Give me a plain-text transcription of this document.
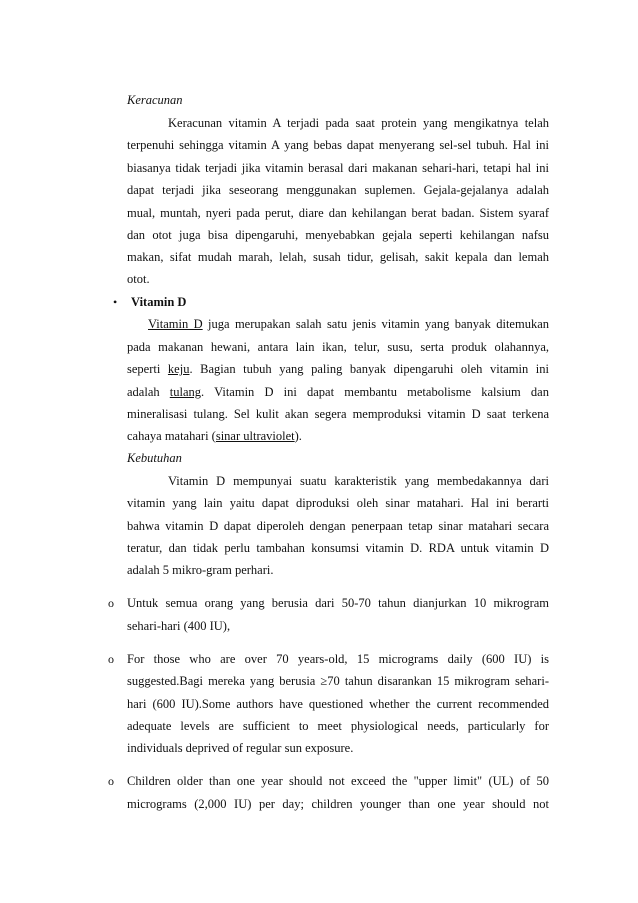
Keracunan
Keracunan vitamin A terjadi pada saat protein yang mengikatnya telah
terpenuhi sehingga vitamin A yang bebas dapat menyerang sel-sel tubuh. Hal ini
biasanya tidak terjadi jika vitamin berasal dari makanan sehari-hari, tetapi hal ini
dapat terjadi jika seseorang menggunakan suplemen. Gejala-gejalanya adalah
mual, muntah, nyeri pada perut, diare dan kehilangan berat badan. Sistem syaraf
dan otot juga bisa dipengaruhi, menyebabkan gejala seperti kehilangan nafsu
makan, sifat mudah marah, lelah, susah tidur, gelisah, sakit kepala dan lemah
otot.
• Vitamin D
Vitamin D juga merupakan salah satu jenis vitamin yang banyak ditemukan
pada makanan hewani, antara lain ikan, telur, susu, serta produk olahannya,
seperti keju. Bagian tubuh yang paling banyak dipengaruhi oleh vitamin ini
adalah tulang. Vitamin D ini dapat membantu metabolisme kalsium dan
mineralisasi tulang. Sel kulit akan segera memproduksi vitamin D saat terkena
cahaya matahari (sinar ultraviolet).
Kebutuhan
Vitamin D mempunyai suatu karakteristik yang membedakannya dari
vitamin yang lain yaitu dapat diproduksi oleh sinar matahari. Hal ini berarti
bahwa vitamin D dapat diperoleh dengan penerpaan tetap sinar matahari secara
teratur, dan tidak perlu tambahan konsumsi vitamin D. RDA untuk vitamin D
adalah 5 mikro-gram perhari.
o Untuk semua orang yang berusia dari 50-70 tahun dianjurkan 10 mikrogram
sehari-hari (400 IU),
o For those who are over 70 years-old, 15 micrograms daily (600 IU) is
suggested.Bagi mereka yang berusia ≥70 tahun disarankan 15 mikrogram sehari-
hari (600 IU).Some authors have questioned whether the current recommended
adequate levels are sufficient to meet physiological needs, particularly for
individuals deprived of regular sun exposure.
o Children older than one year should not exceed the "upper limit" (UL) of 50
micrograms (2,000 IU) per day; children younger than one year should not
